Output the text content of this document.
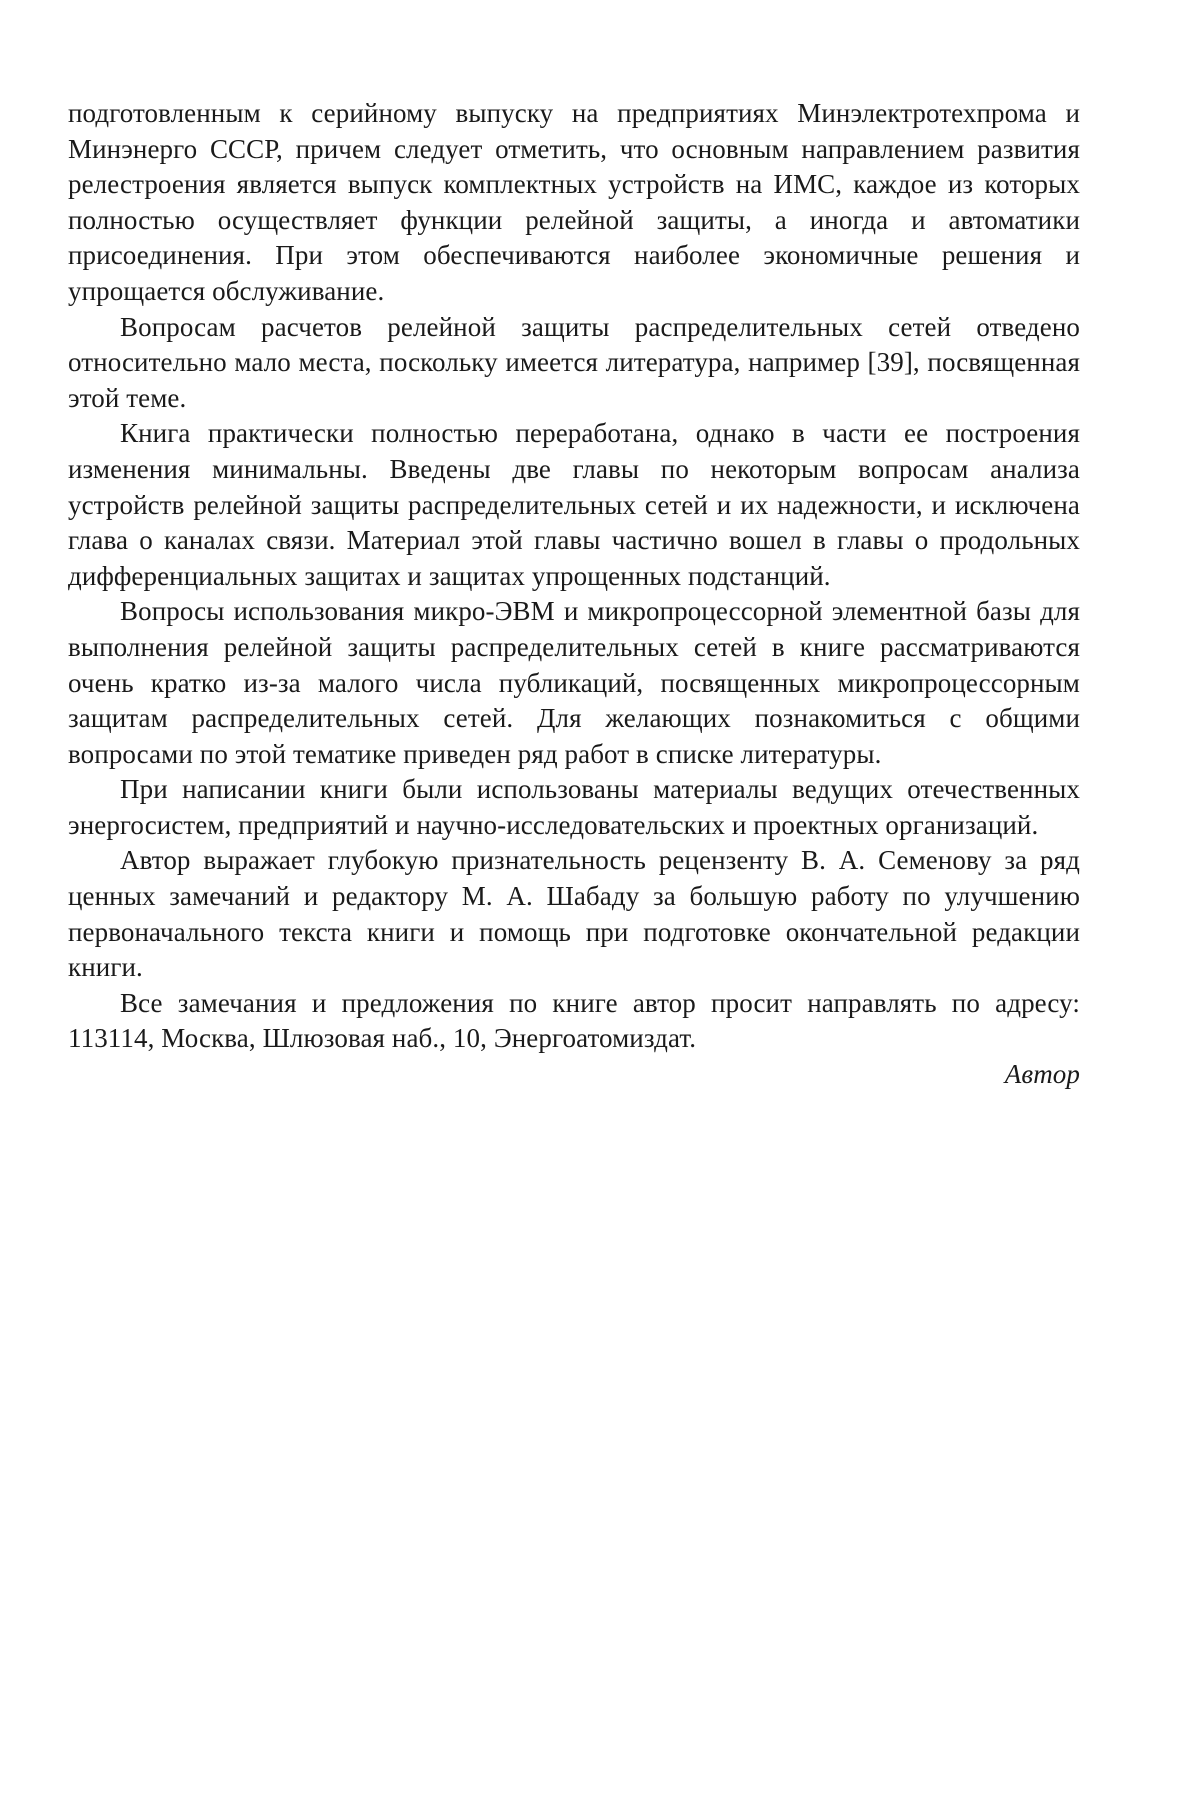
подготовленным к серийному выпуску на предприятиях Минэлектротехпрома и Минэнерго СССР, причем следует отметить, что основным направлением развития релестроения является выпуск комплектных устройств на ИМС, каждое из которых полностью осуществляет функции релейной защиты, а иногда и автоматики присоединения. При этом обеспечиваются наиболее экономичные решения и упрощается обслуживание.

Вопросам расчетов релейной защиты распределительных сетей отведено относительно мало места, поскольку имеется литература, например [39], посвященная этой теме.

Книга практически полностью переработана, однако в части ее построения изменения минимальны. Введены две главы по некоторым вопросам анализа устройств релейной защиты распределительных сетей и их надежности, и исключена глава о каналах связи. Материал этой главы частично вошел в главы о продольных дифференциальных защитах и защитах упрощенных подстанций.

Вопросы использования микро-ЭВМ и микропроцессорной элементной базы для выполнения релейной защиты распределительных сетей в книге рассматриваются очень кратко из-за малого числа публикаций, посвященных микропроцессорным защитам распределительных сетей. Для желающих познакомиться с общими вопросами по этой тематике приведен ряд работ в списке литературы.

При написании книги были использованы материалы ведущих отечественных энергосистем, предприятий и научно-исследовательских и проектных организаций.

Автор выражает глубокую признательность рецензенту В. А. Семенову за ряд ценных замечаний и редактору М. А. Шабаду за большую работу по улучшению первоначального текста книги и помощь при подготовке окончательной редакции книги.

Все замечания и предложения по книге автор просит направлять по адресу: 113114, Москва, Шлюзовая наб., 10, Энергоатомиздат.

Автор
